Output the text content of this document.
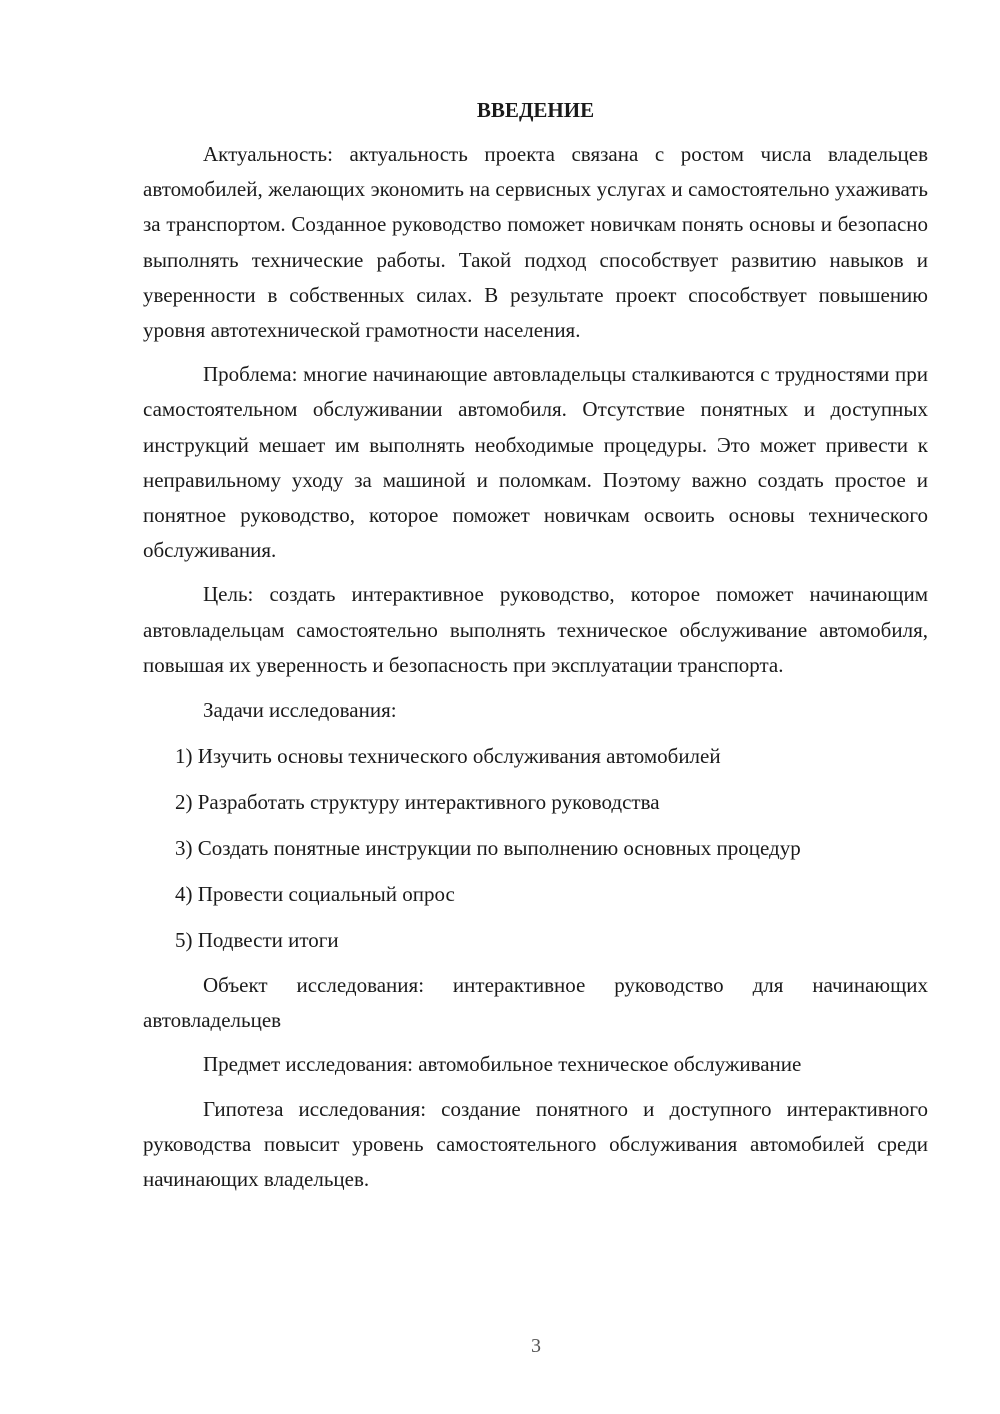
ВВЕДЕНИЕ

Актуальность: актуальность проекта связана с ростом числа владельцев автомобилей, желающих экономить на сервисных услугах и самостоятельно ухаживать за транспортом. Созданное руководство поможет новичкам понять основы и безопасно выполнять технические работы. Такой подход способствует развитию навыков и уверенности в собственных силах. В результате проект способствует повышению уровня автотехнической грамотности населения.

Проблема: многие начинающие автовладельцы сталкиваются с трудностями при самостоятельном обслуживании автомобиля. Отсутствие понятных и доступных инструкций мешает им выполнять необходимые процедуры. Это может привести к неправильному уходу за машиной и поломкам. Поэтому важно создать простое и понятное руководство, которое поможет новичкам освоить основы технического обслуживания.

Цель: создать интерактивное руководство, которое поможет начинающим автовладельцам самостоятельно выполнять техническое обслуживание автомобиля, повышая их уверенность и безопасность при эксплуатации транспорта.

Задачи исследования:
1) Изучить основы технического обслуживания автомобилей
2) Разработать структуру интерактивного руководства
3) Создать понятные инструкции по выполнению основных процедур
4) Провести социальный опрос
5) Подвести итоги

Объект исследования: интерактивное руководство для начинающих автовладельцев

Предмет исследования: автомобильное техническое обслуживание

Гипотеза исследования: создание понятного и доступного интерактивного руководства повысит уровень самостоятельного обслуживания автомобилей среди начинающих владельцев.

3
